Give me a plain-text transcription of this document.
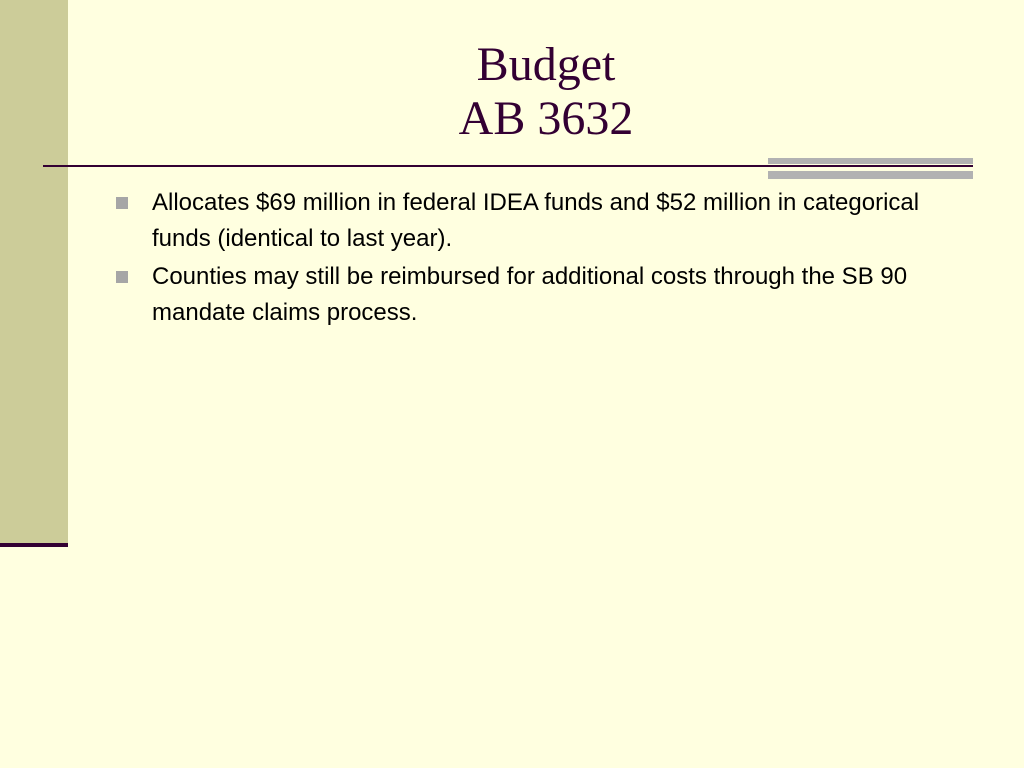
Budget
AB 3632
Allocates $69 million in federal IDEA funds and $52 million in categorical funds (identical to last year).
Counties may still be reimbursed for additional costs through the SB 90 mandate claims process.
